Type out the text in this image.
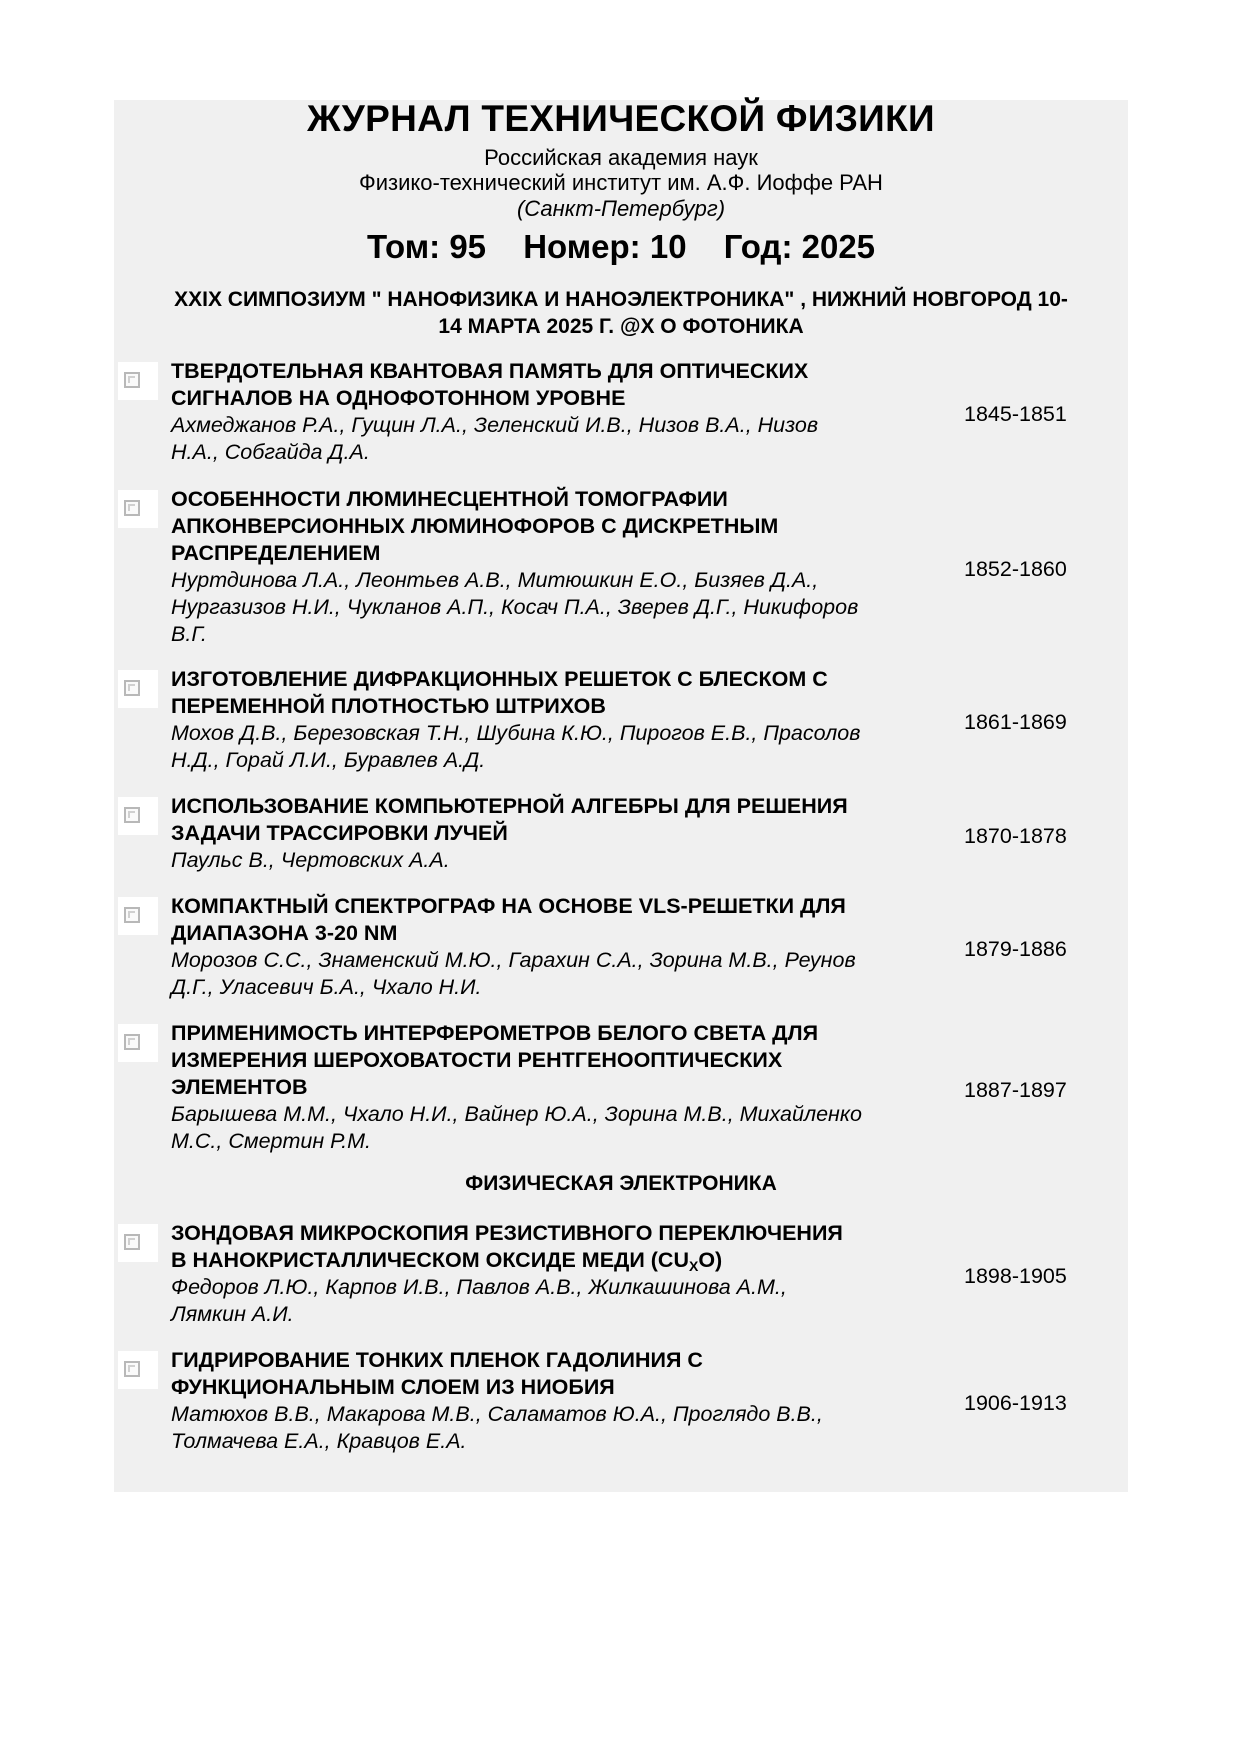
ЖУРНАЛ ТЕХНИЧЕСКОЙ ФИЗИКИ
Российская академия наук
Физико-технический институт им. А.Ф. Иоффе РАН
(Санкт-Петербург)
Том: 95 Номер: 10 Год: 2025
XXIX СИМПОЗИУМ " НАНОФИЗИКА И НАНОЭЛЕКТРОНИКА" , НИЖНИЙ НОВГОРОД 10-
14 МАРТА 2025 Г. @X О ФОТОНИКА
ТВЕРДОТЕЛЬНАЯ КВАНТОВАЯ ПАМЯТЬ ДЛЯ ОПТИЧЕСКИХ
СИГНАЛОВ НА ОДНОФОТОННОМ УРОВНЕ
Ахмеджанов Р.А., Гущин Л.А., Зеленский И.В., Низов В.А., Низов
Н.А., Собгайда Д.А.
1845-1851
ОСОБЕННОСТИ ЛЮМИНЕСЦЕНТНОЙ ТОМОГРАФИИ
АПКОНВЕРСИОННЫХ ЛЮМИНОФОРОВ С ДИСКРЕТНЫМ
РАСПРЕДЕЛЕНИЕМ
Нуртдинова Л.А., Леонтьев А.В., Митюшкин Е.О., Бизяев Д.А.,
Нургазизов Н.И., Чукланов А.П., Косач П.А., Зверев Д.Г., Никифоров
В.Г.
1852-1860
ИЗГОТОВЛЕНИЕ ДИФРАКЦИОННЫХ РЕШЕТОК С БЛЕСКОМ С
ПЕРЕМЕННОЙ ПЛОТНОСТЬЮ ШТРИХОВ
Мохов Д.В., Березовская Т.Н., Шубина К.Ю., Пирогов Е.В., Прасолов
Н.Д., Горай Л.И., Буравлев А.Д.
1861-1869
ИСПОЛЬЗОВАНИЕ КОМПЬЮТЕРНОЙ АЛГЕБРЫ ДЛЯ РЕШЕНИЯ
ЗАДАЧИ ТРАССИРОВКИ ЛУЧЕЙ
Паульс В., Чертовских А.А.
1870-1878
КОМПАКТНЫЙ СПЕКТРОГРАФ НА ОСНОВЕ VLS-РЕШЕТКИ ДЛЯ
ДИАПАЗОНА 3-20 NM
Морозов С.С., Знаменский М.Ю., Гарахин С.А., Зорина М.В., Реунов
Д.Г., Уласевич Б.А., Чхало Н.И.
1879-1886
ПРИМЕНИМОСТЬ ИНТЕРФЕРОМЕТРОВ БЕЛОГО СВЕТА ДЛЯ
ИЗМЕРЕНИЯ ШЕРОХОВАТОСТИ РЕНТГЕНООПТИЧЕСКИХ
ЭЛЕМЕНТОВ
Барышева М.М., Чхало Н.И., Вайнер Ю.А., Зорина М.В., Михайленко
М.С., Смертин Р.М.
1887-1897
ФИЗИЧЕСКАЯ ЭЛЕКТРОНИКА
ЗОНДОВАЯ МИКРОСКОПИЯ РЕЗИСТИВНОГО ПЕРЕКЛЮЧЕНИЯ
В НАНОКРИСТАЛЛИЧЕСКОМ ОКСИДЕ МЕДИ $(CU_XO)$
Федоров Л.Ю., Карпов И.В., Павлов А.В., Жилкашинова А.М.,
Лямкин А.И.
1898-1905
ГИДРИРОВАНИЕ ТОНКИХ ПЛЕНОК ГАДОЛИНИЯ С
ФУНКЦИОНАЛЬНЫМ СЛОЕМ ИЗ НИОБИЯ
Матюхов В.В., Макарова М.В., Саламатов Ю.А., Проглядо В.В.,
Толмачева Е.А., Кравцов Е.А.
1906-1913
